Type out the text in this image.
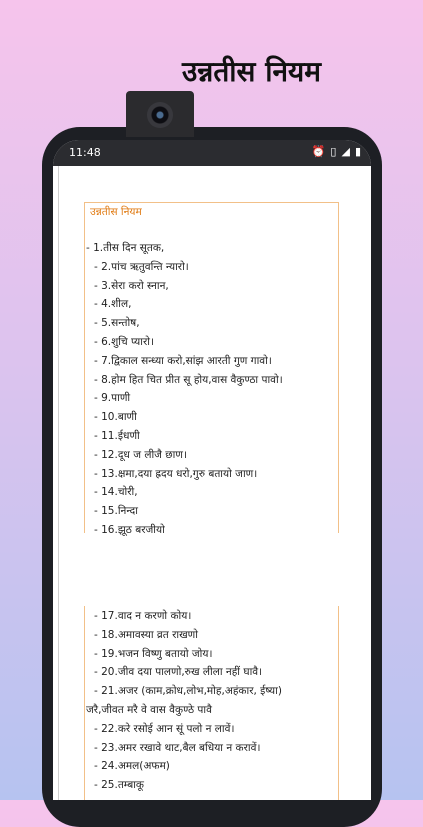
उन्नतीस नियम
11:48	⏰ ▯ ◢ ▮
उन्नतीस नियम
- 1.तीस दिन सूतक,
- 2.पांच ऋतुवन्ति न्यारो।
- 3.सेरा करो स्नान,
- 4.शील,
- 5.सन्तोष,
- 6.शुचि प्यारो।
- 7.द्विकाल सन्ध्या करो,सांझ आरती गुण गावो।
- 8.होम हित चित प्रीत सू होय,वास वैकुण्ठा पावो।
- 9.पाणी
- 10.बाणी
- 11.ईधणी
- 12.दूध ज लीजै छाण।
- 13.क्षमा,दया ह्रदय धरो,गुरु बतायो जाण।
- 14.चोरी,
- 15.निन्दा
- 16.झूठ बरजीयो
- 17.वाद न करणो कोय।
- 18.अमावस्या व्रत राखणो
- 19.भजन विष्णु बतायो जोय।
- 20.जीव दया पालणो,रुख लीला नहीं घावै।
- 21.अजर (काम,क्रोध,लोभ,मोह,अहंकार, ईष्या)
जरै,जीवत मरै वे वास वैकुण्ठे पावै
- 22.करे रसोई आन सूं पलो न लावें।
- 23.अमर रखावे थाट,बैल बधिया न करावें।
- 24.अमल(अफम)
- 25.तम्बाकू
